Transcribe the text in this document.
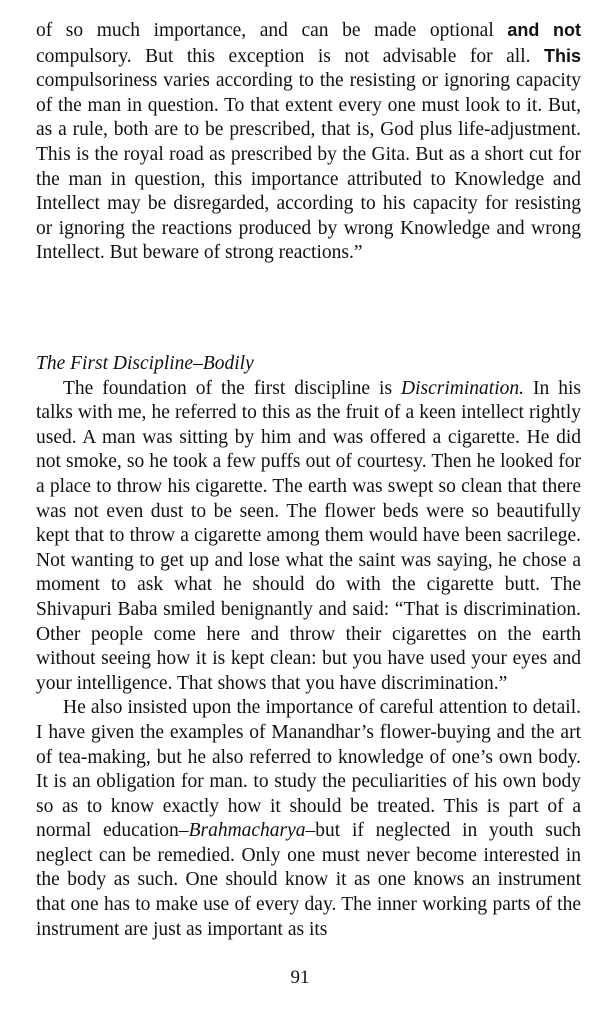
of so much importance, and can be made optional and not compulsory. But this exception is not advisable for all. This compulsoriness varies according to the resisting or ignoring capacity of the man in question. To that extent every one must look to it. But, as a rule, both are to be prescribed, that is, God plus life-adjustment. This is the royal road as prescribed by the Gita. But as a short cut for the man in question, this importance attributed to Knowledge and Intellect may be disregarded, according to his capacity for resisting or ignoring the reactions produced by wrong Knowledge and wrong Intellect. But beware of strong reactions.”
The First Discipline–Bodily

The foundation of the first discipline is Discrimination. In his talks with me, he referred to this as the fruit of a keen intellect rightly used. A man was sitting by him and was offered a cigarette. He did not smoke, so he took a few puffs out of courtesy. Then he looked for a place to throw his cigarette. The earth was swept so clean that there was not even dust to be seen. The flower beds were so beautifully kept that to throw a cigarette among them would have been sacrilege. Not wanting to get up and lose what the saint was saying, he chose a moment to ask what he should do with the cigarette butt. The Shivapuri Baba smiled benignantly and said: “That is discrimination. Other people come here and throw their cigarettes on the earth without seeing how it is kept clean: but you have used your eyes and your intelligence. That shows that you have discrimination.”

He also insisted upon the importance of careful attention to detail. I have given the examples of Manandhar’s flower-buying and the art of tea-making, but he also referred to knowledge of one’s own body. It is an obligation for man. to study the peculiarities of his own body so as to know exactly how it should be treated. This is part of a normal education–Brahmacharya–but if neglected in youth such neglect can be remedied. Only one must never become interested in the body as such. One should know it as one knows an instrument that one has to make use of every day. The inner working parts of the instrument are just as important as its

91
